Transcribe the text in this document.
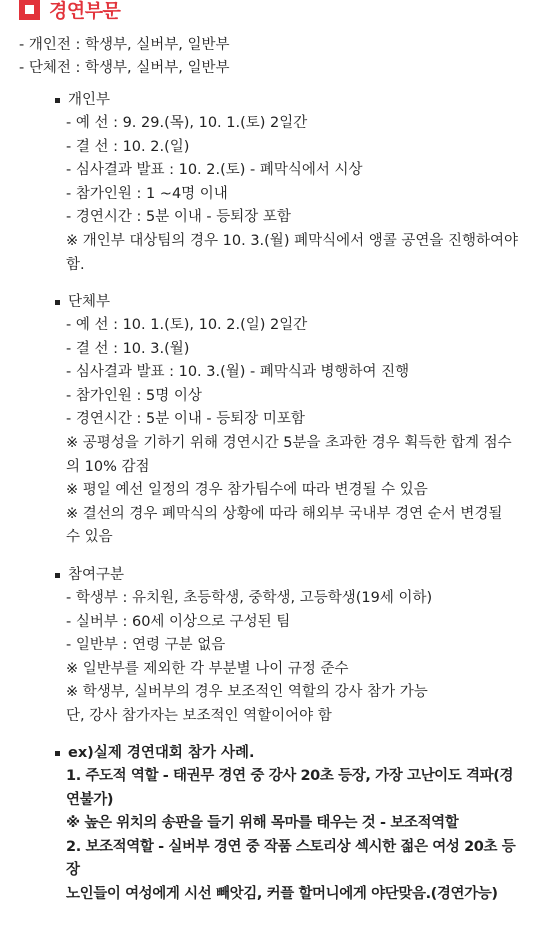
경연부문
- 개인전 : 학생부, 실버부, 일반부
- 단체전 : 학생부, 실버부, 일반부
개인부
- 예 선 : 9. 29.(목), 10. 1.(토) 2일간
- 결 선 : 10. 2.(일)
- 심사결과 발표 : 10. 2.(토) - 폐막식에서 시상
- 참가인원 : 1 ~4명 이내
- 경연시간 : 5분 이내 - 등퇴장 포함
※ 개인부 대상팀의 경우 10. 3.(월) 폐막식에서 앵콜 공연을 진행하여야 함.
단체부
- 예 선 : 10. 1.(토), 10. 2.(일) 2일간
- 결 선 : 10. 3.(월)
- 심사결과 발표 : 10. 3.(월) - 폐막식과 병행하여 진행
- 참가인원 : 5명 이상
- 경연시간 : 5분 이내 - 등퇴장 미포함
※ 공평성을 기하기 위해 경연시간 5분을 초과한 경우 획득한 합계 점수의 10% 감점
※ 평일 예선 일정의 경우 참가팀수에 따라 변경될 수 있음
※ 결선의 경우 폐막식의 상황에 따라 해외부 국내부 경연 순서 변경될 수 있음
참여구분
- 학생부 : 유치원, 초등학생, 중학생, 고등학생(19세 이하)
- 실버부 : 60세 이상으로 구성된 팀
- 일반부 : 연령 구분 없음
※ 일반부를 제외한 각 부분별 나이 규정 준수
※ 학생부, 실버부의 경우 보조적인 역할의 강사 참가 가능
단, 강사 참가자는 보조적인 역할이어야 함
ex)실제 경연대회 참가 사례.
1. 주도적 역할 - 태권무 경연 중 강사 20초 등장, 가장 고난이도 격파(경연불가)
※ 높은 위치의 송판을 들기 위해 목마를 태우는 것 - 보조적역할
2. 보조적역할 - 실버부 경연 중 작품 스토리상 섹시한 젊은 여성 20초 등장
노인들이 여성에게 시선 빼앗김, 커플 할머니에게 야단맞음.(경연가능)
